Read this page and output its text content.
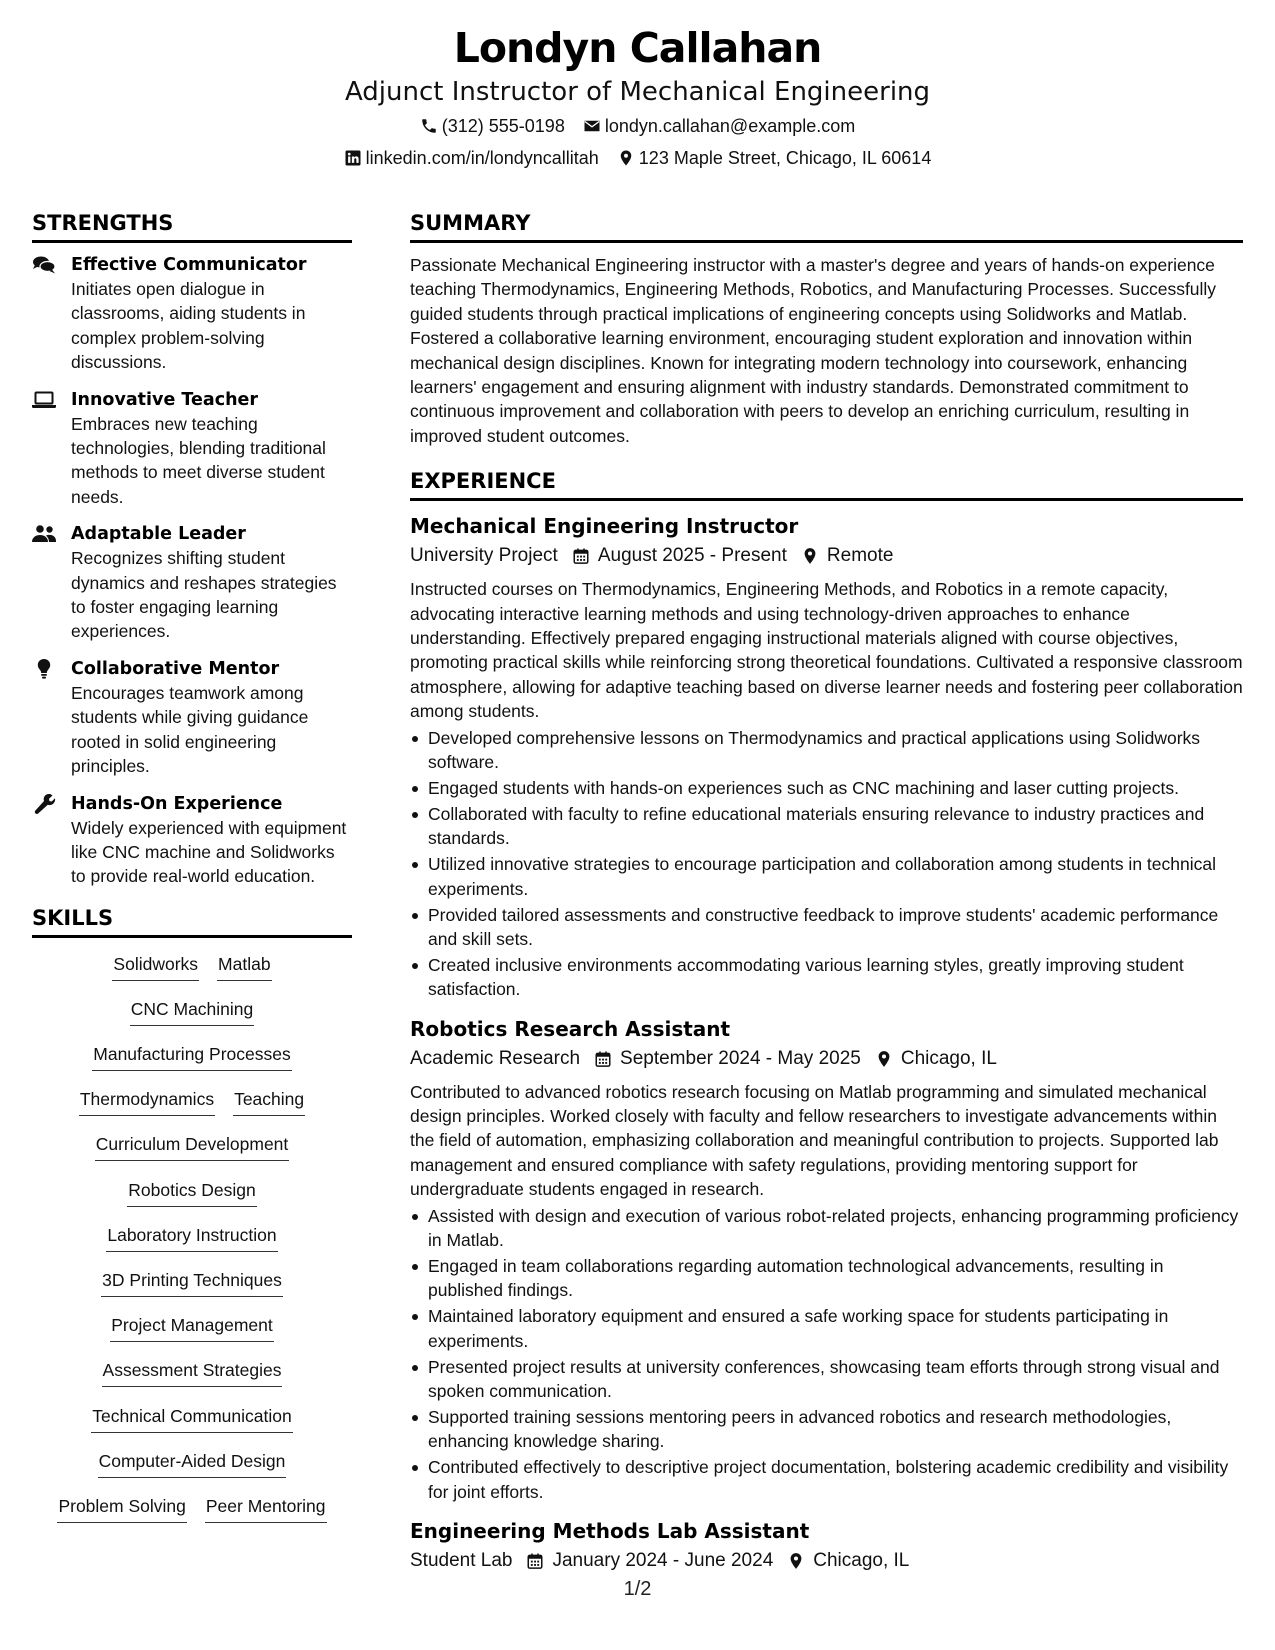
Londyn Callahan
Adjunct Instructor of Mechanical Engineering
(312) 555-0198 londyn.callahan@example.com
linkedin.com/in/londyncallitah 123 Maple Street, Chicago, IL 60614
STRENGTHS
Effective Communicator
Initiates open dialogue in classrooms, aiding students in complex problem-solving discussions.
Innovative Teacher
Embraces new teaching technologies, blending traditional methods to meet diverse student needs.
Adaptable Leader
Recognizes shifting student dynamics and reshapes strategies to foster engaging learning experiences.
Collaborative Mentor
Encourages teamwork among students while giving guidance rooted in solid engineering principles.
Hands-On Experience
Widely experienced with equipment like CNC machine and Solidworks to provide real-world education.
SKILLS
Solidworks Matlab
CNC Machining
Manufacturing Processes
Thermodynamics Teaching
Curriculum Development
Robotics Design
Laboratory Instruction
3D Printing Techniques
Project Management
Assessment Strategies
Technical Communication
Computer-Aided Design
Problem Solving Peer Mentoring
SUMMARY
Passionate Mechanical Engineering instructor with a master's degree and years of hands-on experience teaching Thermodynamics, Engineering Methods, Robotics, and Manufacturing Processes. Successfully guided students through practical implications of engineering concepts using Solidworks and Matlab. Fostered a collaborative learning environment, encouraging student exploration and innovation within mechanical design disciplines. Known for integrating modern technology into coursework, enhancing learners' engagement and ensuring alignment with industry standards. Demonstrated commitment to continuous improvement and collaboration with peers to develop an enriching curriculum, resulting in improved student outcomes.
EXPERIENCE
Mechanical Engineering Instructor
University Project August 2025 - Present Remote
Instructed courses on Thermodynamics, Engineering Methods, and Robotics in a remote capacity, advocating interactive learning methods and using technology-driven approaches to enhance understanding. Effectively prepared engaging instructional materials aligned with course objectives, promoting practical skills while reinforcing strong theoretical foundations. Cultivated a responsive classroom atmosphere, allowing for adaptive teaching based on diverse learner needs and fostering peer collaboration among students.
Developed comprehensive lessons on Thermodynamics and practical applications using Solidworks software.
Engaged students with hands-on experiences such as CNC machining and laser cutting projects.
Collaborated with faculty to refine educational materials ensuring relevance to industry practices and standards.
Utilized innovative strategies to encourage participation and collaboration among students in technical experiments.
Provided tailored assessments and constructive feedback to improve students' academic performance and skill sets.
Created inclusive environments accommodating various learning styles, greatly improving student satisfaction.
Robotics Research Assistant
Academic Research September 2024 - May 2025 Chicago, IL
Contributed to advanced robotics research focusing on Matlab programming and simulated mechanical design principles. Worked closely with faculty and fellow researchers to investigate advancements within the field of automation, emphasizing collaboration and meaningful contribution to projects. Supported lab management and ensured compliance with safety regulations, providing mentoring support for undergraduate students engaged in research.
Assisted with design and execution of various robot-related projects, enhancing programming proficiency in Matlab.
Engaged in team collaborations regarding automation technological advancements, resulting in published findings.
Maintained laboratory equipment and ensured a safe working space for students participating in experiments.
Presented project results at university conferences, showcasing team efforts through strong visual and spoken communication.
Supported training sessions mentoring peers in advanced robotics and research methodologies, enhancing knowledge sharing.
Contributed effectively to descriptive project documentation, bolstering academic credibility and visibility for joint efforts.
Engineering Methods Lab Assistant
Student Lab January 2024 - June 2024 Chicago, IL
1/2
